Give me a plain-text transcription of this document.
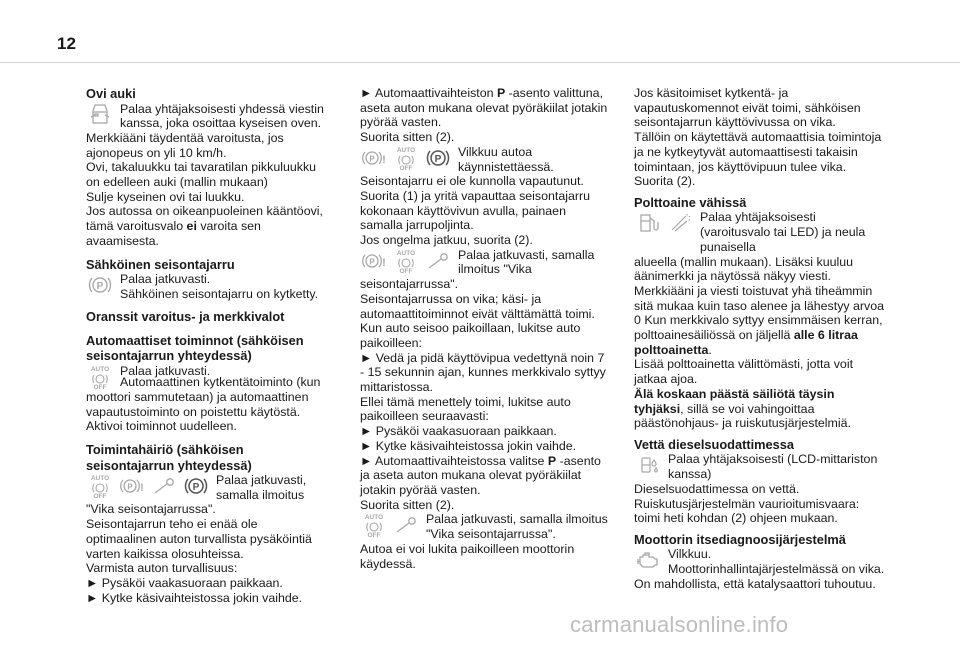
12

Ovi auki

Palaa yhtäjaksoisesti yhdessä viestin kanssa, joka osoittaa kyseisen oven.

Merkkiääni täydentää varoitusta, jos ajonopeus on yli 10 km/h.

Ovi, takaluukku tai tavaratilan pikkuluukku on edelleen auki (mallin mukaan)

Sulje kyseinen ovi tai luukku.

Jos autossa on oikeanpuoleinen kääntöovi, tämä varoitusvalo ei varoita sen avaamisesta.

Sähköinen seisontajarru

P

Palaa jatkuvasti.

Sähköinen seisontajarru on kytketty.

Oranssit varoitus- ja merkkivalot

Automaattiset toiminnot (sähköisen seisontajarrun yhteydessä)

AUTO
OFF

Palaa jatkuvasti.

Automaattinen kytkentätoiminto (kun moottori sammutetaan) ja automaattinen vapautustoiminto on poistettu käytöstä.

Aktivoi toiminnot uudelleen.

Toimintahäiriö (sähköisen seisontajarrun yhteydessä)

AUTO
OFF
P !	P

Palaa jatkuvasti, samalla ilmoitus

"Vika seisontajarrussa".

Seisontajarrun teho ei enää ole optimaalinen auton turvallista pysäköintiä varten kaikissa olosuhteissa.

Varmista auton turvallisuus:

► Pysäköi vaakasuoraan paikkaan.

► Kytke käsivaihteistossa jokin vaihde.

► Automaattivaihteiston P -asento valittuna, aseta auton mukana olevat pyöräkiilat jotakin pyörää vasten.

Suorita sitten (2).

P !
AUTO
OFF
P

Vilkkuu autoa käynnistettäessä.

Seisontajarru ei ole kunnolla vapautunut.

Suorita (1) ja yritä vapauttaa seisontajarru kokonaan käyttövivun avulla, painaen samalla jarrupoljinta.

Jos ongelma jatkuu, suorita (2).

P !
AUTO
OFF

Palaa jatkuvasti, samalla ilmoitus "Vika

seisontajarrussa".

Seisontajarrussa on vika; käsi- ja automaattitoiminnot eivät välttämättä toimi.

Kun auto seisoo paikoillaan, lukitse auto paikoilleen:

► Vedä ja pidä käyttövipua vedettynä noin 7 - 15 sekunnin ajan, kunnes merkkivalo syttyy mittaristossa.

Ellei tämä menettely toimi, lukitse auto paikoilleen seuraavasti:

► Pysäköi vaakasuoraan paikkaan.

► Kytke käsivaihteistossa jokin vaihde.

► Automaattivaihteistossa valitse P -asento ja aseta auton mukana olevat pyöräkiilat jotakin pyörää vasten.

Suorita sitten (2).

AUTO
OFF

Palaa jatkuvasti, samalla ilmoitus "Vika seisontajarrussa".

Autoa ei voi lukita paikoilleen moottorin käydessä.

Jos käsitoimiset kytkentä- ja vapautuskomennot eivät toimi, sähköisen seisontajarrun käyttövivussa on vika.

Tällöin on käytettävä automaattisia toimintoja ja ne kytkeytyvät automaattisesti takaisin toimintaan, jos käyttövipuun tulee vika.

Suorita (2).

Polttoaine vähissä

Palaa yhtäjaksoisesti (varoitusvalo tai LED) ja neula punaisella

alueella (mallin mukaan). Lisäksi kuuluu äänimerkki ja näytössä näkyy viesti.

Merkkiääni ja viesti toistuvat yhä tiheämmin sitä mukaa kuin taso alenee ja lähestyy arvoa 0 Kun merkkivalo syttyy ensimmäisen kerran, polttoainesäiliössä on jäljellä alle 6 litraa polttoainetta.

Lisää polttoainetta välittömästi, jotta voit jatkaa ajoa.

Älä koskaan päästä säiliötä täysin tyhjäksi, sillä se voi vahingoittaa päästönohjaus- ja ruiskutusjärjestelmiä.

Vettä dieselsuodattimessa

Palaa yhtäjaksoisesti (LCD-mittariston kanssa)

Dieselsuodattimessa on vettä.

Ruiskutusjärjestelmän vaurioitumisvaara: toimi heti kohdan (2) ohjeen mukaan.

Moottorin itsediagnoosijärjestelmä

Vilkkuu.

Moottorinhallintajärjestelmässä on vika.

On mahdollista, että katalysaattori tuhoutuu.

carmanualsonline.info
